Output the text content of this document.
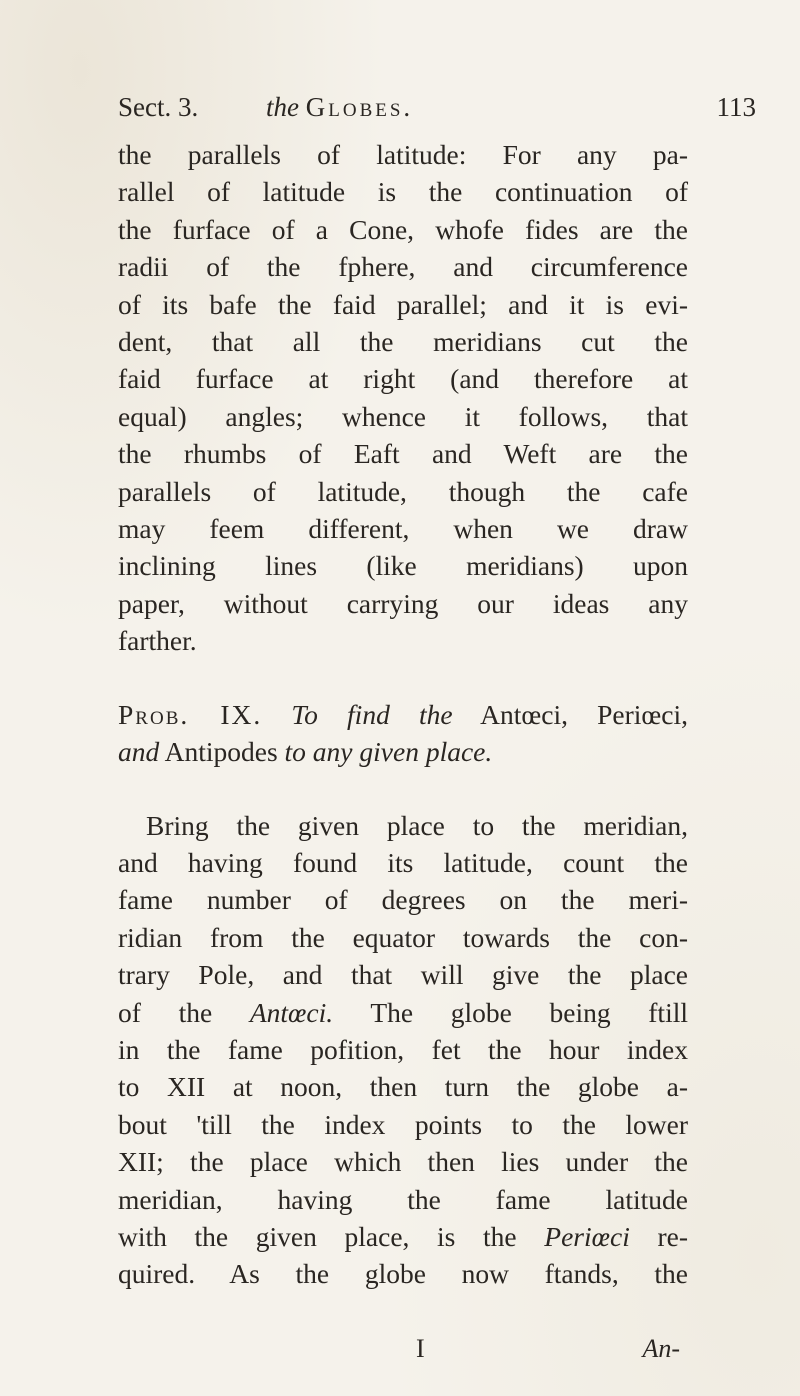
Sect. 3.	the Globes.	113
the parallels of latitude: For any pa-
rallel of latitude is the continuation of
the furface of a Cone, whofe fides are the
radii of the fphere, and circumference
of its bafe the faid parallel; and it is evi-
dent, that all the meridians cut the
faid furface at right (and therefore at
equal) angles; whence it follows, that
the rhumbs of Eaft and Weft are the
parallels of latitude, though the cafe
may feem different, when we draw
inclining lines (like meridians) upon
paper, without carrying our ideas any
farther.
Prob. IX. To find the Antœci, Periœci,
and Antipodes to any given place.
Bring the given place to the meridian,
and having found its latitude, count the
fame number of degrees on the meri-
ridian from the equator towards the con-
trary Pole, and that will give the place
of the Antœci. The globe being ftill
in the fame pofition, fet the hour index
to XII at noon, then turn the globe a-
bout 'till the index points to the lower
XII; the place which then lies under the
meridian, having the fame latitude
with the given place, is the Periœci re-
quired. As the globe now ftands, the
I	An-
